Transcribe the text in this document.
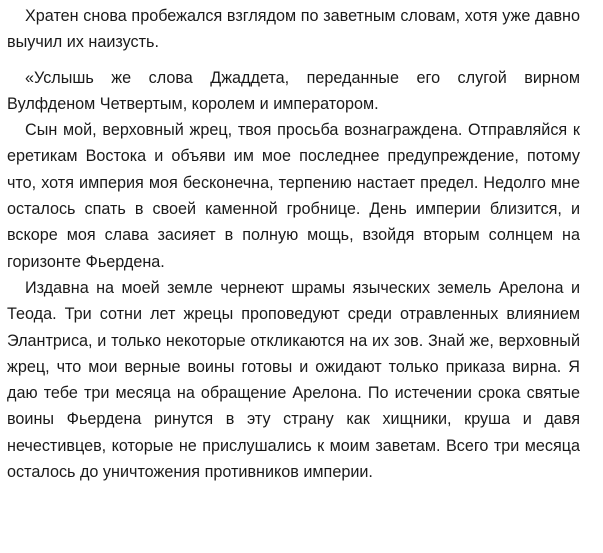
Хратен снова пробежался взглядом по заветным словам, хотя уже давно выучил их наизусть.

«Услышь же слова Джаддета, переданные его слугой вирном Вулфденом Четвертым, королем и императором.

Сын мой, верховный жрец, твоя просьба вознаграждена. Отправляйся к еретикам Востока и объяви им мое последнее предупреждение, потому что, хотя империя моя бесконечна, терпению настает предел. Недолго мне осталось спать в своей каменной гробнице. День империи близится, и вскоре моя слава засияет в полную мощь, взойдя вторым солнцем на горизонте Фьердена.

Издавна на моей земле чернеют шрамы языческих земель Арелона и Теода. Три сотни лет жрецы проповедуют среди отравленных влиянием Элантриса, и только некоторые откликаются на их зов. Знай же, верховный жрец, что мои верные воины готовы и ожидают только приказа вирна. Я даю тебе три месяца на обращение Арелона. По истечении срока святые воины Фьердена ринутся в эту страну как хищники, круша и давя нечестивцев, которые не прислушались к моим заветам. Всего три месяца осталось до уничтожения противников империи.
